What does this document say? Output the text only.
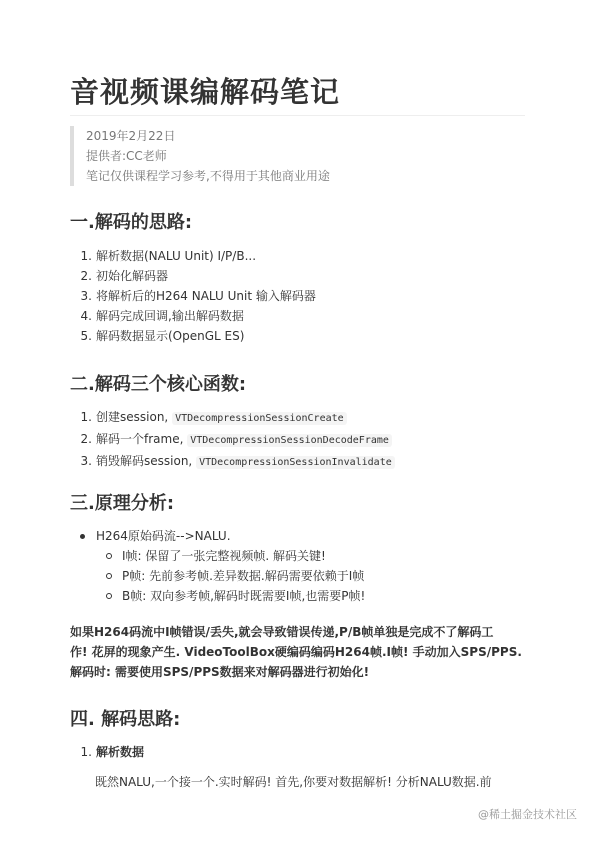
音视频课编解码笔记
2019年2月22日
提供者:CC老师
笔记仅供课程学习参考,不得用于其他商业用途
一.解码的思路:
1. 解析数据(NALU Unit) I/P/B...
2. 初始化解码器
3. 将解析后的H264 NALU Unit 输入解码器
4. 解码完成回调,输出解码数据
5. 解码数据显示(OpenGL ES)
二.解码三个核心函数:
1. 创建session, VTDecompressionSessionCreate
2. 解码一个frame, VTDecompressionSessionDecodeFrame
3. 销毁解码session, VTDecompressionSessionInvalidate
三.原理分析:
H264原始码流-->NALU.
I帧: 保留了一张完整视频帧. 解码关键!
P帧: 先前参考帧.差异数据.解码需要依赖于I帧
B帧: 双向参考帧,解码时既需要I帧,也需要P帧!
如果H264码流中I帧错误/丢失,就会导致错误传递,P/B帧单独是完成不了解码工
作! 花屏的现象产生. VideoToolBox硬编码编码H264帧.I帧! 手动加入SPS/PPS.
解码时: 需要使用SPS/PPS数据来对解码器进行初始化!
四. 解码思路:
1. 解析数据
既然NALU,一个接一个.实时解码! 首先,你要对数据解析! 分析NALU数据.前
@稀土掘金技术社区
